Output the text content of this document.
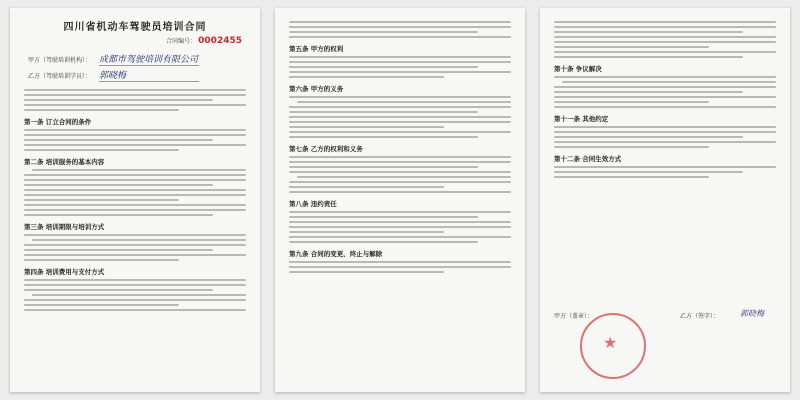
四川省机动车驾驶员培训合同
合同编号： 0002455
甲方（驾驶培训机构）： 成都市驾驶培训有限公司
乙方（驾驶培训学员）： 郭晓梅
第一条 订立合同的条件
第二条 培训服务的基本内容
第三条 培训期限与培训方式
第四条 培训费用与支付方式
第五条 甲方的权利
第六条 甲方的义务
第七条 乙方的权利和义务
第八条 违约责任
第九条 合同的变更、终止与解除
第十条 争议解决
第十一条 其他约定
第十二条 合同生效方式
甲方（盖章）：
★	乙方（签字）：	郭晓梅
